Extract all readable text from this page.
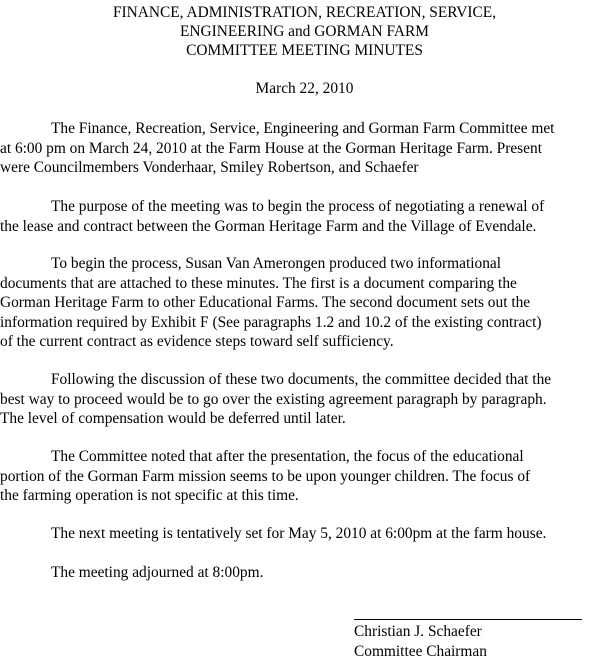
FINANCE, ADMINISTRATION, RECREATION, SERVICE,
ENGINEERING and GORMAN FARM
COMMITTEE MEETING MINUTES
March 22, 2010
The Finance, Recreation, Service, Engineering and Gorman Farm Committee met
at 6:00 pm on March 24, 2010 at the Farm House at the Gorman Heritage Farm. Present
were Councilmembers Vonderhaar, Smiley Robertson, and Schaefer
The purpose of the meeting was to begin the process of negotiating a renewal of
the lease and contract between the Gorman Heritage Farm and the Village of Evendale.
To begin the process, Susan Van Amerongen produced two informational
documents that are attached to these minutes. The first is a document comparing the
Gorman Heritage Farm to other Educational Farms. The second document sets out the
information required by Exhibit F (See paragraphs 1.2 and 10.2 of the existing contract)
of the current contract as evidence steps toward self sufficiency.
Following the discussion of these two documents, the committee decided that the
best way to proceed would be to go over the existing agreement paragraph by paragraph.
The level of compensation would be deferred until later.
The Committee noted that after the presentation, the focus of the educational
portion of the Gorman Farm mission seems to be upon younger children. The focus of
the farming operation is not specific at this time.
The next meeting is tentatively set for May 5, 2010 at 6:00pm at the farm house.
The meeting adjourned at 8:00pm.
Christian J. Schaefer
Committee Chairman
